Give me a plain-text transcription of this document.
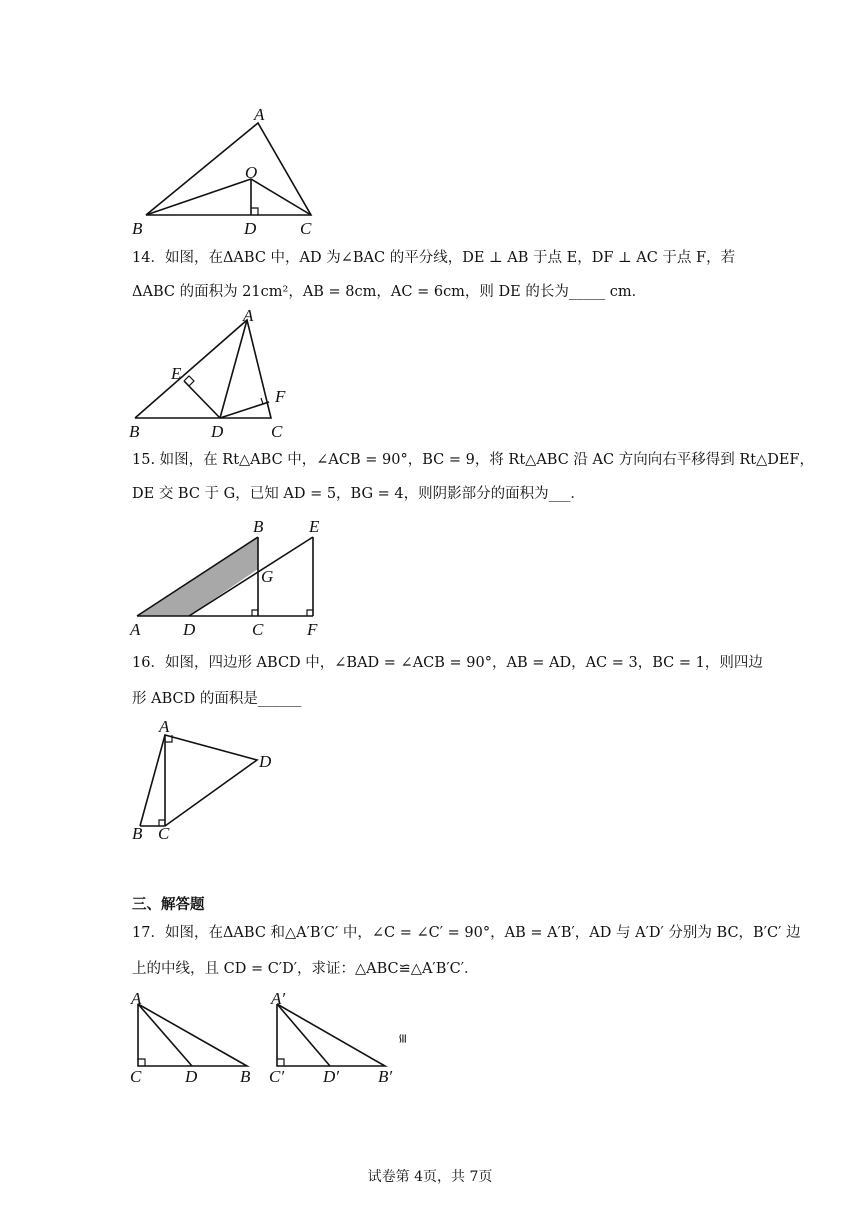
A
O
B	D	C
14．如图，在ΔABC 中，AD 为∠BAC 的平分线，DE ⊥ AB 于点 E，DF ⊥ AC 于点 F，若
ΔABC 的面积为 21cm²，AB = 8cm，AC = 6cm，则 DE 的长为_____ cm．
A
E
F
B	D	C
15. 如图，在 Rt△ABC 中，∠ACB = 90°，BC = 9，将 Rt△ABC 沿 AC 方向向右平移得到 Rt△DEF，
DE 交 BC 于 G，已知 AD = 5，BG = 4，则阴影部分的面积为___．
B	E
G
A	D	C	F
16．如图，四边形 ABCD 中，∠BAD = ∠ACB = 90°，AB = AD，AC = 3，BC = 1，则四边
形 ABCD 的面积是______
A
D
B C
三、解答题
17．如图，在ΔABC 和△A′B′C′ 中，∠C = ∠C′ = 90°，AB = A′B′，AD 与 A′D′ 分别为 BC，B′C′ 边
上的中线，且 CD = C′D′，求证：△ABC≌△A′B′C′．
A
C	D	B
A′
C′ D′ B′
≌
试卷第 4页，共 7页
